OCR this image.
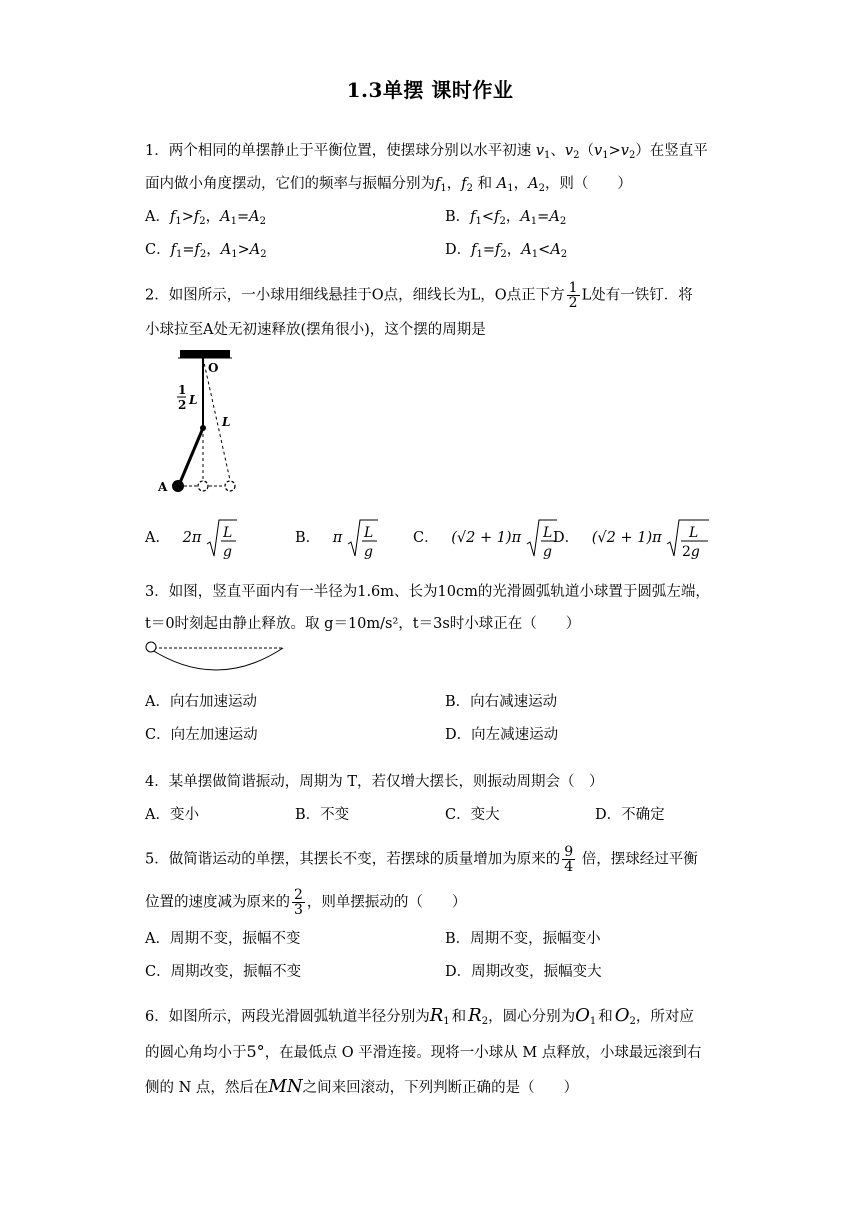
1.3单摆 课时作业
1．两个相同的单摆静止于平衡位置，使摆球分别以水平初速 $v_1$、$v_2(v_1>v_2)$在竖直平
面内做小角度摆动，它们的频率与振幅分别为$f_1$，$f_2$ 和 $A_1$，$A_2$，则（　　）
A．$f_1>f_2$，$A_1=A_2$	B．$f_1<f_2$，$A_1=A_2$
C．$f_1=f_2$，$A_1>A_2$	D．$f_1=f_2$，$A_1<A_2$
2．如图所示，一小球用细线悬挂于O点，细线长为L，O点正下方 $\frac{1}{2}$ L处有一铁钉．将
小球拉至A处无初速释放(摆角很小)，这个摆的周期是
O
1
2 L
L
A
A． 2π L
g
B． π L
g
C． (√2 + 1)π L
g
D． (√2 + 1)π L
2g
3．如图，竖直平面内有一半径为1.6m、长为10cm的光滑圆弧轨道小球置于圆弧左端，
t＝0时刻起由静止释放。取 g＝10m/s²，t＝3s时小球正在（　　）
A．向右加速运动	B．向右减速运动
C．向左加速运动	D．向左减速运动
4．某单摆做简谐振动，周期为 T，若仅增大摆长，则振动周期会（　）
A．变小	B．不变	C．变大	D．不确定
5．做简谐运动的单摆，其摆长不变，若摆球的质量增加为原来的 $\frac{9}{4}$ 倍，摆球经过平衡
位置的速度减为原来的 $\frac{2}{3}$ ，则单摆振动的（　　）
A．周期不变，振幅不变	B．周期不变，振幅变小
C．周期改变，振幅不变	D．周期改变，振幅变大
6．如图所示，两段光滑圆弧轨道半径分别为$R_1$ 和 $R_2$，圆心分别为$O_1$ 和 $O_2$，所对应
的圆心角均小于5°，在最低点 O 平滑连接。现将一小球从 M 点释放，小球最远滚到右
侧的 N 点，然后在MN之间来回滚动，下列判断正确的是（　　）
